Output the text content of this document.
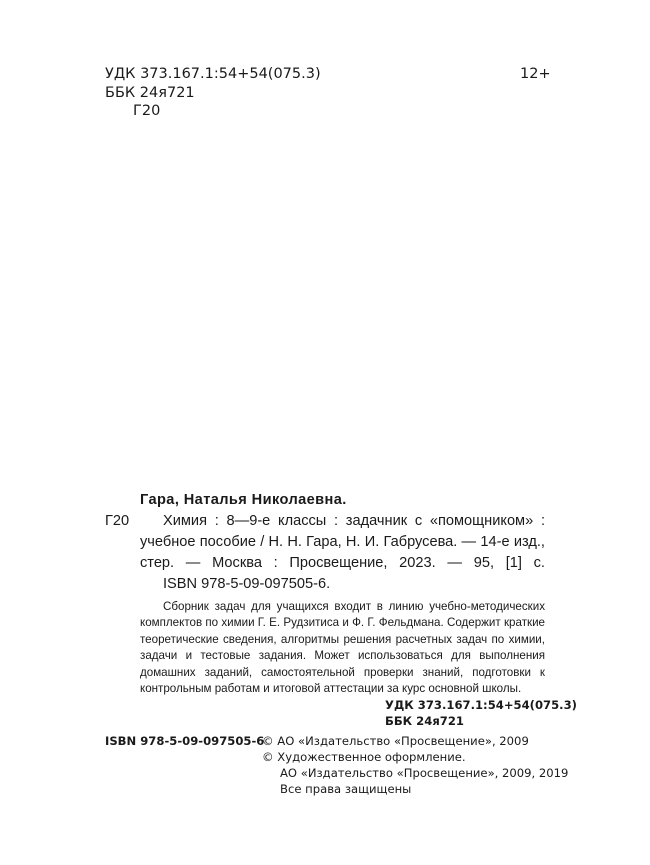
УДК 373.167.1:54+54(075.3)
ББК 24я721
Г20
12+
Гара, Наталья Николаевна.
Г20 Химия : 8—9-е классы : задачник с «помощником» :
учебное пособие / Н. Н. Гара, Н. И. Габрусева. — 14-е изд.,
стер. — Москва : Просвещение, 2023. — 95, [1] с.
ISBN 978-5-09-097505-6.

Сборник задач для учащихся входит в линию учебно-методических комплектов по химии Г. Е. Рудзитиса и Ф. Г. Фельдмана. Содержит краткие теоретические сведения, алгоритмы решения расчетных задач по химии, задачи и тестовые задания. Может использоваться для выполнения домашних заданий, самостоятельной проверки знаний, подготовки к контрольным работам и итоговой аттестации за курс основной школы.

УДК 373.167.1:54+54(075.3)
ББК 24я721
ISBN 978-5-09-097505-6
© АО «Издательство «Просвещение», 2009
© Художественное оформление.
АО «Издательство «Просвещение», 2009, 2019
Все права защищены
